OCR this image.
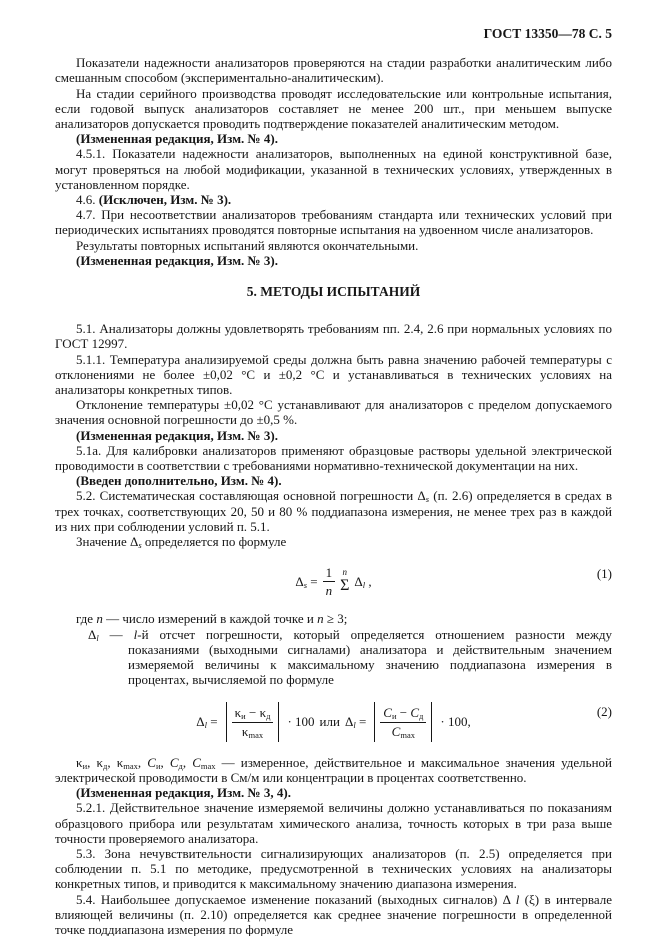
ГОСТ 13350—78 С. 5

Показатели надежности анализаторов проверяются на стадии разработки аналитическим либо смешанным способом (экспериментально-аналитическим).

На стадии серийного производства проводят исследовательские или контрольные испытания, если годовой выпуск анализаторов составляет не менее 200 шт., при меньшем выпуске анализаторов допускается проводить подтверждение показателей аналитическим методом.

(Измененная редакция, Изм. № 4).

4.5.1. Показатели надежности анализаторов, выполненных на единой конструктивной базе, могут проверяться на любой модификации, указанной в технических условиях, утвержденных в установленном порядке.

4.6. (Исключен, Изм. № 3).

4.7. При несоответствии анализаторов требованиям стандарта или технических условий при периодических испытаниях проводятся повторные испытания на удвоенном числе анализаторов.

Результаты повторных испытаний являются окончательными.

(Измененная редакция, Изм. № 3).

5. МЕТОДЫ ИСПЫТАНИЙ

5.1. Анализаторы должны удовлетворять требованиям пп. 2.4, 2.6 при нормальных условиях по ГОСТ 12997.

5.1.1. Температура анализируемой среды должна быть равна значению рабочей температуры с отклонениями не более ±0,02 °С и ±0,2 °С и устанавливаться в технических условиях на анализаторы конкретных типов.

Отклонение температуры ±0,02 °С устанавливают для анализаторов с пределом допускаемого значения основной погрешности до ±0,5 %.

(Измененная редакция, Изм. № 3).

5.1а. Для калибровки анализаторов применяют образцовые растворы удельной электрической проводимости в соответствии с требованиями нормативно-технической документации на них.

(Введен дополнительно, Изм. № 4).

5.2. Систематическая составляющая основной погрешности $\Delta_s$ (п. 2.6) определяется в средах в трех точках, соответствующих 20, 50 и 80 % поддиапазона измерения, не менее трех раз в каждой из них при соблюдении условий п. 5.1.

Значение $\Delta_s$ определяется по формуле

$\Delta_s = \frac{1}{n}$ n
Σ $\Delta_l$ ,	(1)

где n — число измерений в каждой точке и n ≥ 3;

$\Delta_l$ — l-й отсчет погрешности, который определяется отношением разности между показаниями (выходными сигналами) анализатора и действительным значением измеряемой величины к максимальному значению поддиапазона измерения в процентах, вычисляемой по формуле

$\Delta_l = \frac{\kappa_и - \kappa_д}{\kappa_{max}} \cdot 100$ или $\Delta_l = \frac{C_и - C_д}{C_{max}} \cdot 100$,
(2)

$\kappa_и$, $\kappa_д$, $\kappa_{max}$, $C_и$, $C_д$, $C_{max}$ — измеренное, действительное и максимальное значения удельной электрической проводимости в См/м или концентрации в процентах соответственно.

(Измененная редакция, Изм. № 3, 4).

5.2.1. Действительное значение измеряемой величины должно устанавливаться по показаниям образцового прибора или результатам химического анализа, точность которых в три раза выше точности проверяемого анализатора.

5.3. Зона нечувствительности сигнализирующих анализаторов (п. 2.5) определяется при соблюдении п. 5.1 по методике, предусмотренной в технических условиях на анализаторы конкретных типов, и приводится к максимальному значению диапазона измерения.

5.4. Наибольшее допускаемое изменение показаний (выходных сигналов) Δ l (ξ) в интервале влияющей величины (п. 2.10) определяется как среднее значение погрешности в определенной точке поддиапазона измерения по формуле
